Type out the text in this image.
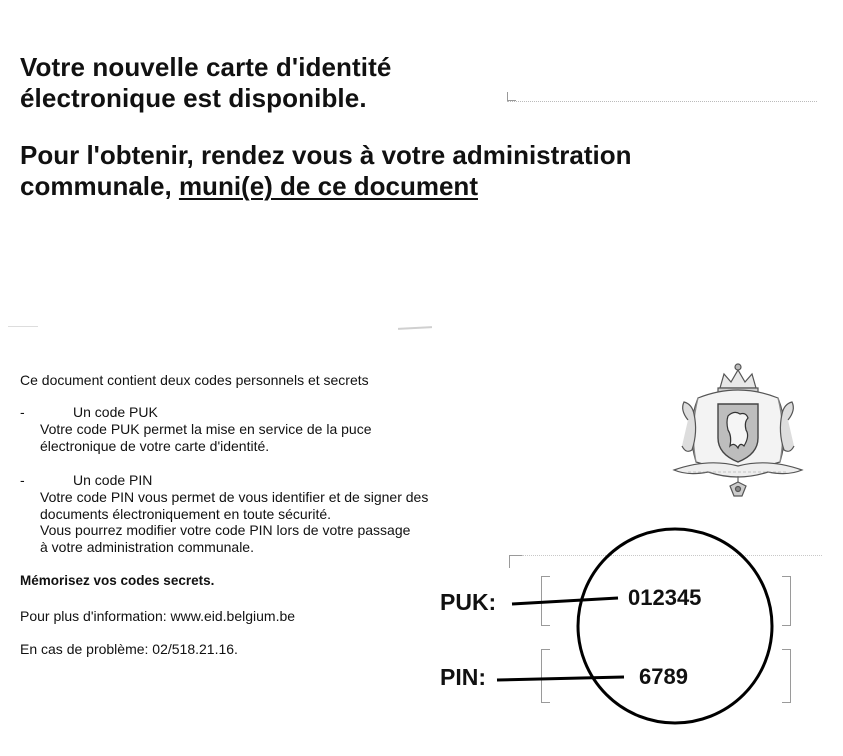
Votre nouvelle carte d'identité
électronique est disponible.
Pour l'obtenir, rendez vous à votre administration
communale, muni(e) de ce document
Ce document contient deux codes personnels et secrets
-	Un code PUK
Votre code PUK permet la mise en service de la puce
électronique de votre carte d'identité.
-	Un code PIN
Votre code PIN vous permet de vous identifier et de signer des
documents électroniquement en toute sécurité.
Vous pourrez modifier votre code PIN lors de votre passage
à votre administration communale.
Mémorisez vos codes secrets.
Pour plus d'information: www.eid.belgium.be
En cas de problème: 02/518.21.16.
PUK:	012345
PIN:	6789
